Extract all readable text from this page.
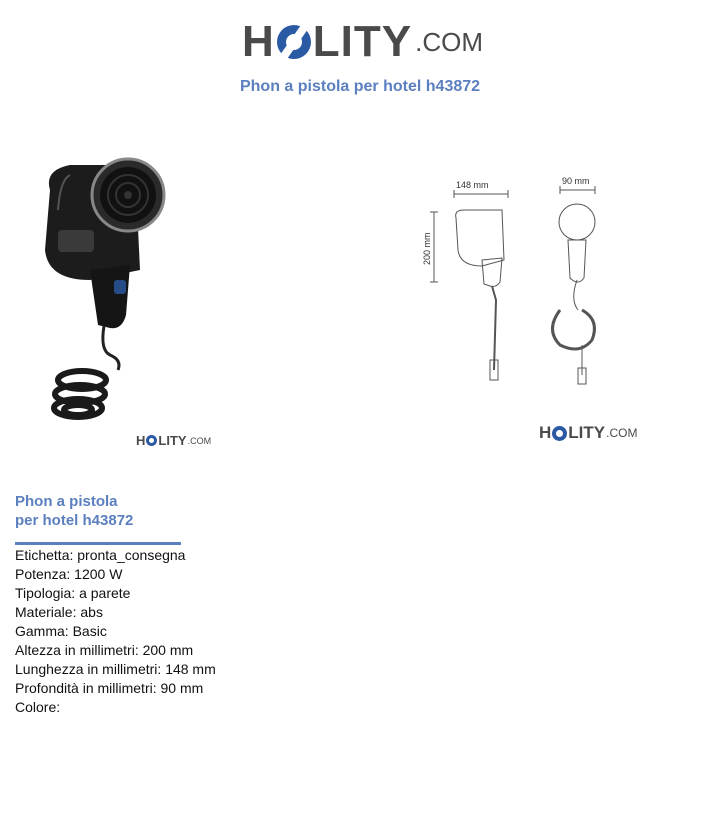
H LITY .COM
Phon a pistola per hotel h43872
148 mm	90 mm
200 mm
H LITY .COM	H LITY .COM
Phon a pistola
per hotel h43872
Etichetta: pronta_consegna
Potenza: 1200 W
Tipologia: a parete
Materiale: abs
Gamma: Basic
Altezza in millimetri: 200 mm
Lunghezza in millimetri: 148 mm
Profondità in millimetri: 90 mm
Colore:
